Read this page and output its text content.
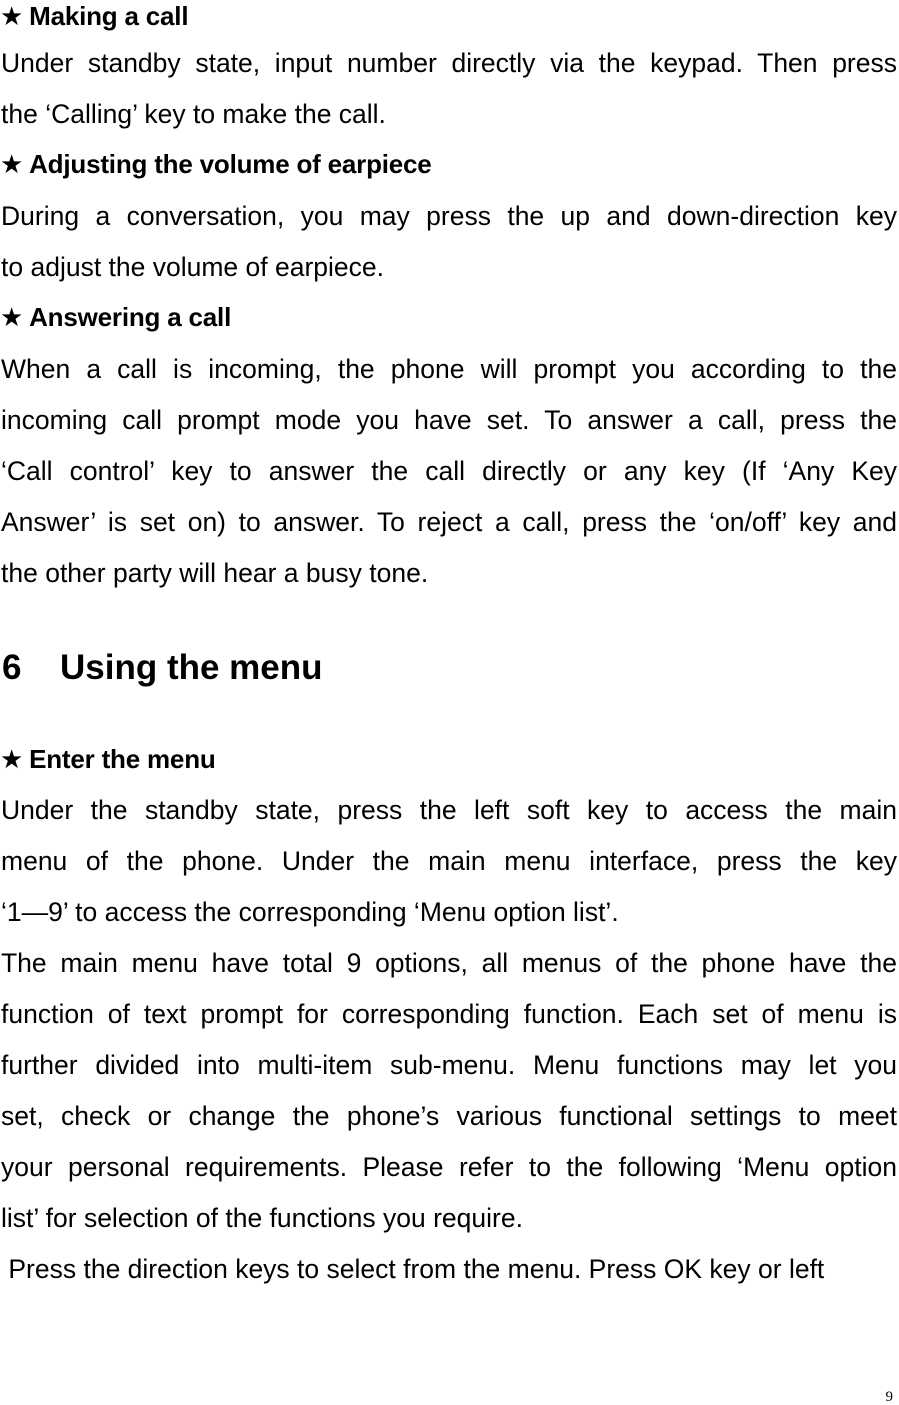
★ Making a call
Under standby state, input number directly via the keypad. Then press
the ‘Calling’ key to make the call.
★ Adjusting the volume of earpiece
During a conversation, you may press the up and down-direction key
to adjust the volume of earpiece.
★ Answering a call
When a call is incoming, the phone will prompt you according to the
incoming call prompt mode you have set. To answer a call, press the
‘Call control’ key to answer the call directly or any key (If ‘Any Key
Answer’ is set on) to answer. To reject a call, press the ‘on/off’ key and
the other party will hear a busy tone.
6 Using the menu
★ Enter the menu
Under the standby state, press the left soft key to access the main
menu of the phone. Under the main menu interface, press the key
‘1—9’ to access the corresponding ‘Menu option list’.
The main menu have total 9 options, all menus of the phone have the
function of text prompt for corresponding function. Each set of menu is
further divided into multi-item sub-menu. Menu functions may let you
set, check or change the phone’s various functional settings to meet
your personal requirements. Please refer to the following ‘Menu option
list’ for selection of the functions you require.
Press the direction keys to select from the menu. Press OK key or left
9
